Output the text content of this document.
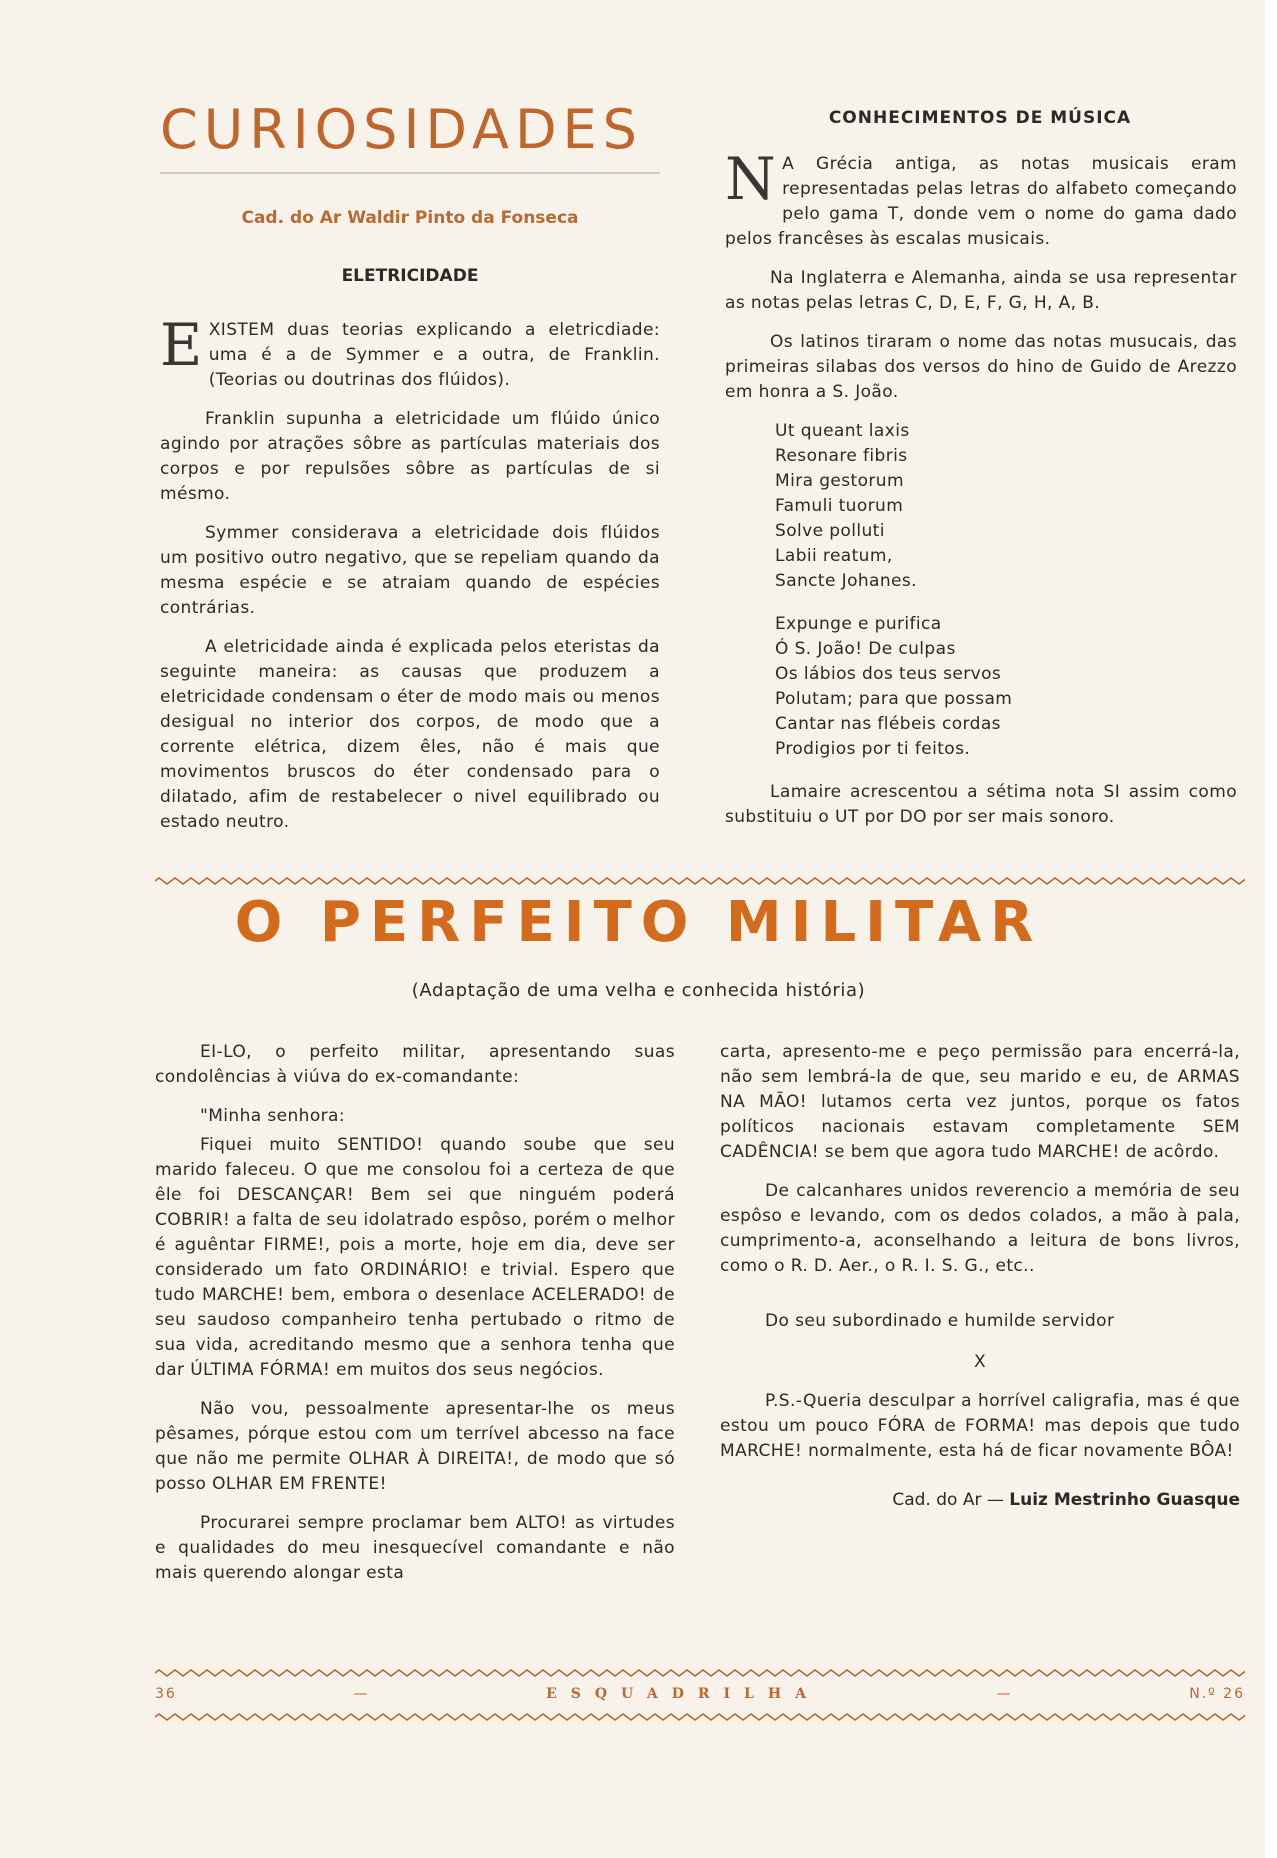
CURIOSIDADES
Cad. do Ar Waldir Pinto da Fonseca
ELETRICIDADE

EXISTEM duas teorias explicando a eletricdiade: uma é a de Symmer e a outra, de Franklin. (Teorias ou doutrinas dos flúidos).

Franklin supunha a eletricidade um flúido único agindo por atrações sôbre as partículas materiais dos corpos e por repulsões sôbre as partículas de si mésmo.

Symmer considerava a eletricidade dois flúidos um positivo outro negativo, que se repeliam quando da mesma espécie e se atraiam quando de espécies contrárias.

A eletricidade ainda é explicada pelos eteristas da seguinte maneira: as causas que produzem a eletricidade condensam o éter de modo mais ou menos desigual no interior dos corpos, de modo que a corrente elétrica, dizem êles, não é mais que movimentos bruscos do éter condensado para o dilatado, afim de restabelecer o nivel equilibrado ou estado neutro.

CONHECIMENTOS DE MÚSICA

N A Grécia antiga, as notas musicais eram representadas pelas letras do alfabeto começando pelo gama T, donde vem o nome do gama dado pelos francêses às escalas musicais.

Na Inglaterra e Alemanha, ainda se usa representar as notas pelas letras C, D, E, F, G, H, A, B.

Os latinos tiraram o nome das notas musucais, das primeiras silabas dos versos do hino de Guido de Arezzo em honra a S. João.

Ut queant laxis

Resonare fibris

Mira gestorum

Famuli tuorum

Solve polluti

Labii reatum,

Sancte Johanes.

Expunge e purifica

Ó S. João! De culpas

Os lábios dos teus servos

Polutam; para que possam

Cantar nas flébeis cordas

Prodigios por ti feitos.

Lamaire acrescentou a sétima nota SI assim como substituiu o UT por DO por ser mais sonoro.

O PERFEITO MILITAR
(Adaptação de uma velha e conhecida história)

EI-LO, o perfeito militar, apresentando suas condolências à viúva do ex-comandante:

"Minha senhora:

Fiquei muito SENTIDO! quando soube que seu marido faleceu. O que me consolou foi a certeza de que êle foi DESCANÇAR! Bem sei que ninguém poderá COBRIR! a falta de seu idolatrado espôso, porém o melhor é aguêntar FIRME!, pois a morte, hoje em dia, deve ser considerado um fato ORDINÁRIO! e trivial. Espero que tudo MARCHE! bem, embora o desenlace ACELERADO! de seu saudoso companheiro tenha pertubado o ritmo de sua vida, acreditando mesmo que a senhora tenha que dar ÚLTIMA FÓRMA! em muitos dos seus negócios.

Não vou, pessoalmente apresentar-lhe os meus pêsames, pórque estou com um terrível abcesso na face que não me permite OLHAR À DIREITA!, de modo que só posso OLHAR EM FRENTE!

Procurarei sempre proclamar bem ALTO! as virtudes e qualidades do meu inesquecível comandante e não mais querendo alongar esta

carta, apresento-me e peço permissão para encerrá-la, não sem lembrá-la de que, seu marido e eu, de ARMAS NA MÃO! lutamos certa vez juntos, porque os fatos políticos nacionais estavam completamente SEM CADÊNCIA! se bem que agora tudo MARCHE! de acôrdo.

De calcanhares unidos reverencio a memória de seu espôso e levando, com os dedos colados, a mão à pala, cumprimento-a, aconselhando a leitura de bons livros, como o R. D. Aer., o R. I. S. G., etc..

Do seu subordinado e humilde servidor

X

P.S.-Queria desculpar a horrível caligrafia, mas é que estou um pouco FÓRA de FORMA! mas depois que tudo MARCHE! normalmente, esta há de ficar novamente BÔA!

Cad. do Ar — Luiz Mestrinho Guasque

36	—	ESQUADRILHA	—	N.º 26
